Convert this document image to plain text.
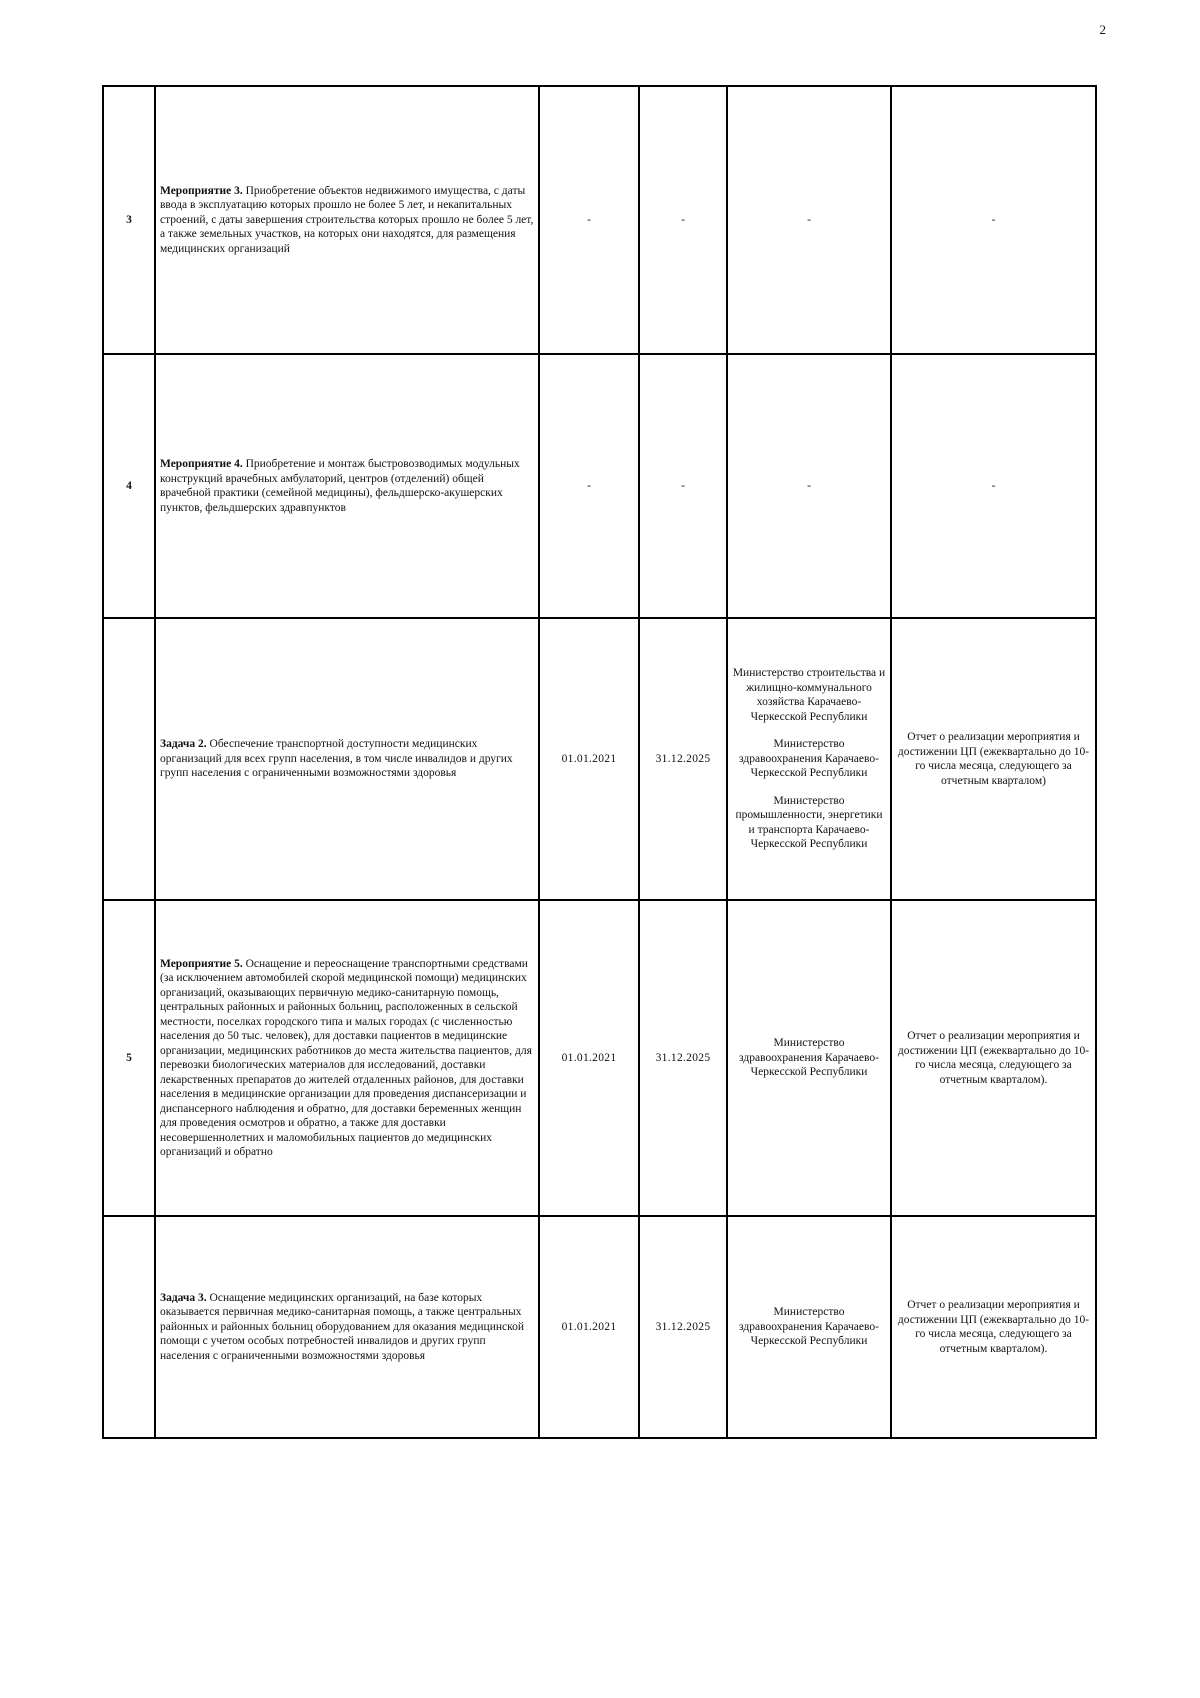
2
3	Мероприятие 3. Приобретение объектов недвижимого имущества, с даты ввода в эксплуатацию которых прошло не более 5 лет, и некапитальных строений, с даты завершения строительства которых прошло не более 5 лет, а также земельных участков, на которых они находятся, для размещения медицинских организаций	-	-	-	-
4	Мероприятие 4. Приобретение и монтаж быстровозводимых модульных конструкций врачебных амбулаторий, центров (отделений) общей врачебной практики (семейной медицины), фельдшерско-акушерских пунктов, фельдшерских здравпунктов	-	-	-	-
	Задача 2. Обеспечение транспортной доступности медицинских организаций для всех групп населения, в том числе инвалидов и других групп населения с ограниченными возможностями здоровья	01.01.2021	31.12.2025	Министерство строительства и жилищно-коммунального хозяйства Карачаево-Черкесской Республики
Министерство здравоохранения Карачаево-Черкесской Республики
Министерство промышленности, энергетики и транспорта Карачаево-Черкесской Республики	Отчет о реализации мероприятия и достижении ЦП (ежеквартально до 10-го числа месяца, следующего за отчетным кварталом)
5	Мероприятие 5. Оснащение и переоснащение транспортными средствами (за исключением автомобилей скорой медицинской помощи) медицинских организаций, оказывающих первичную медико-санитарную помощь, центральных районных и районных больниц, расположенных в сельской местности, поселках городского типа и малых городах (с численностью населения до 50 тыс. человек), для доставки пациентов в медицинские организации, медицинских работников до места жительства пациентов, для перевозки биологических материалов для исследований, доставки лекарственных препаратов до жителей отдаленных районов, для доставки населения в медицинские организации для проведения диспансеризации и диспансерного наблюдения и обратно, для доставки беременных женщин для проведения осмотров и обратно, а также для доставки несовершеннолетних и маломобильных пациентов до медицинских организаций и обратно	01.01.2021	31.12.2025	Министерство здравоохранения Карачаево-Черкесской Республики	Отчет о реализации мероприятия и достижении ЦП (ежеквартально до 10-го числа месяца, следующего за отчетным кварталом).
	Задача 3. Оснащение медицинских организаций, на базе которых оказывается первичная медико-санитарная помощь, а также центральных районных и районных больниц оборудованием для оказания медицинской помощи с учетом особых потребностей инвалидов и других групп населения с ограниченными возможностями здоровья	01.01.2021	31.12.2025	Министерство здравоохранения Карачаево-Черкесской Республики	Отчет о реализации мероприятия и достижении ЦП (ежеквартально до 10-го числа месяца, следующего за отчетным кварталом).
